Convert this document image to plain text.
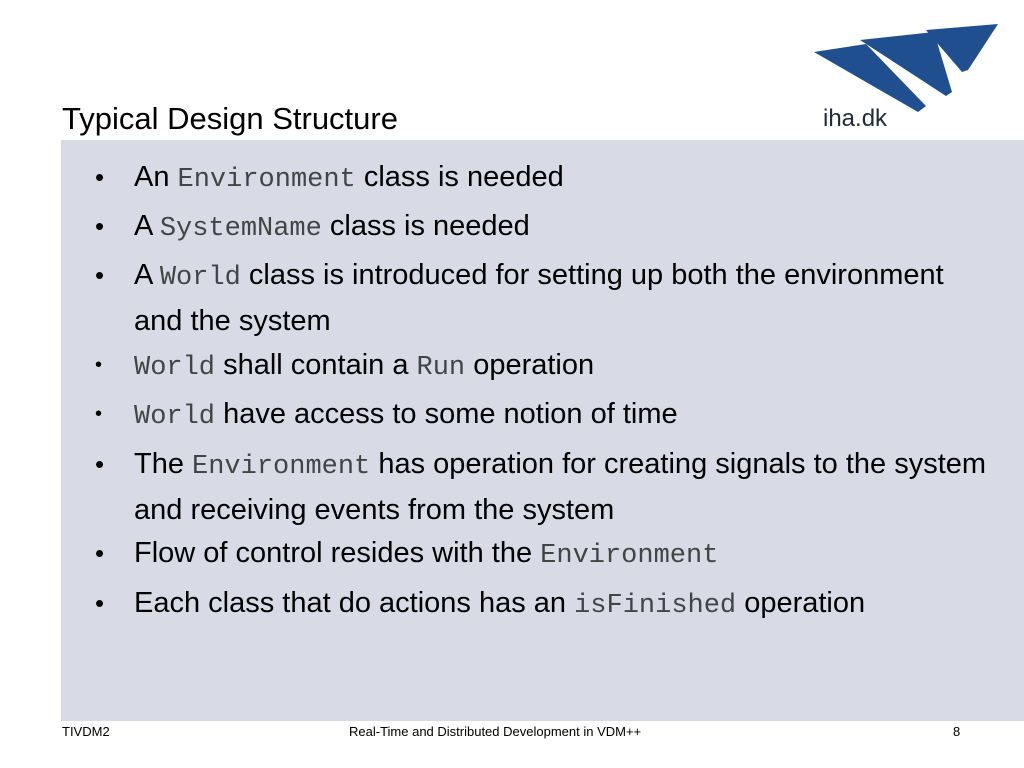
Typical Design Structure	iha.dk
• An Environment class is needed
• A SystemName class is needed
• A World class is introduced for setting up both the environment and the system
• World shall contain a Run operation
• World have access to some notion of time
• The Environment has operation for creating signals to the system and receiving events from the system
• Flow of control resides with the Environment
• Each class that do actions has an isFinished operation
TIVDM2	Real-Time and Distributed Development in VDM++	8
